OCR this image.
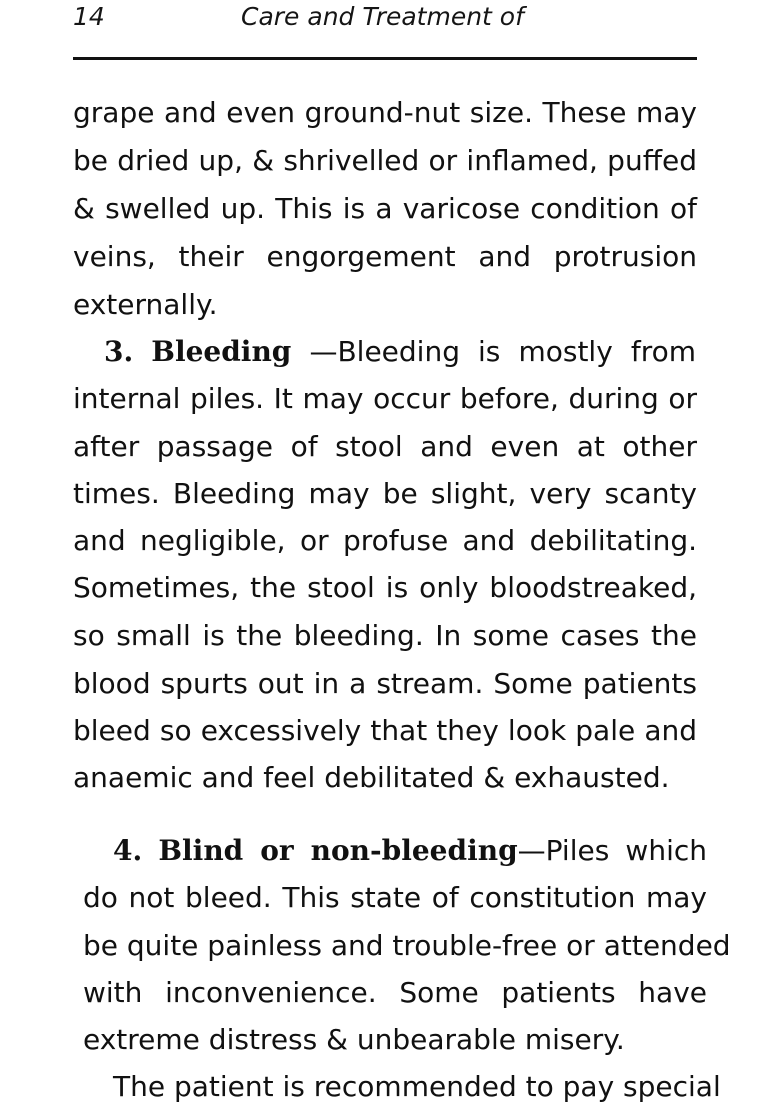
14	Care and Treatment of
grape and even ground-nut size. These may
be dried up, & shrivelled or inflamed, puffed
& swelled up. This is a varicose condition of
veins, their engorgement and protrusion
externally.
3. Bleeding —Bleeding is mostly from
internal piles. It may occur before, during or
after passage of stool and even at other
times. Bleeding may be slight, very scanty
and negligible, or profuse and debilitating.
Sometimes, the stool is only bloodstreaked,
so small is the bleeding. In some cases the
blood spurts out in a stream. Some patients
bleed so excessively that they look pale and
anaemic and feel debilitated & exhausted.
4. Blind or non-bleeding—Piles which
do not bleed. This state of constitution may
be quite painless and trouble-free or attended
with inconvenience. Some patients have
extreme distress & unbearable misery.
The patient is recommended to pay special
